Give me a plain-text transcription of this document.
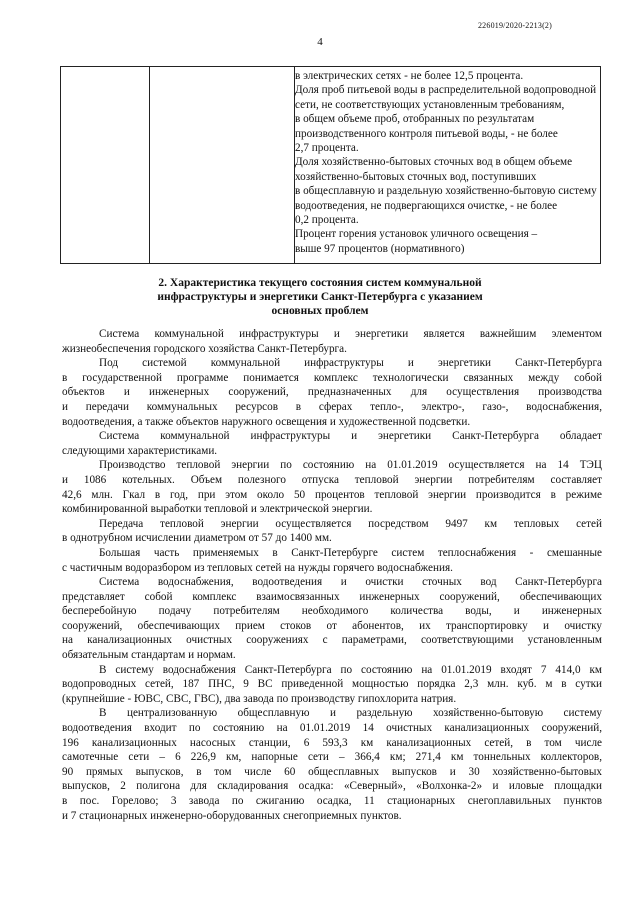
226019/2020-2213(2)
4
в электрических сетях - не более 12,5 процента.
Доля проб питьевой воды в распределительной водопроводной
сети, не соответствующих установленным требованиям,
в общем объеме проб, отобранных по результатам
производственного контроля питьевой воды, - не более
2,7 процента.
Доля хозяйственно-бытовых сточных вод в общем объеме
хозяйственно-бытовых сточных вод, поступивших
в общесплавную и раздельную хозяйственно-бытовую систему
водоотведения, не подвергающихся очистке, - не более
0,2 процента.
Процент горения установок уличного освещения –
выше 97 процентов (нормативного)
2. Характеристика текущего состояния систем коммунальной
инфраструктуры и энергетики Санкт-Петербурга с указанием
основных проблем
Система коммунальной инфраструктуры и энергетики является важнейшим элементом
жизнеобеспечения городского хозяйства Санкт-Петербурга.
Под системой коммунальной инфраструктуры и энергетики Санкт-Петербурга
в государственной программе понимается комплекс технологически связанных между собой
объектов и инженерных сооружений, предназначенных для осуществления производства
и передачи коммунальных ресурсов в сферах тепло-, электро-, газо-, водоснабжения,
водоотведения, а также объектов наружного освещения и художественной подсветки.
Система коммунальной инфраструктуры и энергетики Санкт-Петербурга обладает
следующими характеристиками.
Производство тепловой энергии по состоянию на 01.01.2019 осуществляется на 14 ТЭЦ
и 1086 котельных. Объем полезного отпуска тепловой энергии потребителям составляет
42,6 млн. Гкал в год, при этом около 50 процентов тепловой энергии производится в режиме
комбинированной выработки тепловой и электрической энергии.
Передача тепловой энергии осуществляется посредством 9497 км тепловых сетей
в однотрубном исчислении диаметром от 57 до 1400 мм.
Большая часть применяемых в Санкт-Петербурге систем теплоснабжения - смешанные
с частичным водоразбором из тепловых сетей на нужды горячего водоснабжения.
Система водоснабжения, водоотведения и очистки сточных вод Санкт-Петербурга
представляет собой комплекс взаимосвязанных инженерных сооружений, обеспечивающих
бесперебойную подачу потребителям необходимого количества воды, и инженерных
сооружений, обеспечивающих прием стоков от абонентов, их транспортировку и очистку
на канализационных очистных сооружениях с параметрами, соответствующими установленным
обязательным стандартам и нормам.
В систему водоснабжения Санкт-Петербурга по состоянию на 01.01.2019 входят 7 414,0 км
водопроводных сетей, 187 ПНС, 9 ВС приведенной мощностью порядка 2,3 млн. куб. м в сутки
(крупнейшие - ЮВС, СВС, ГВС), два завода по производству гипохлорита натрия.
В централизованную общесплавную и раздельную хозяйственно-бытовую систему
водоотведения входит по состоянию на 01.01.2019 14 очистных канализационных сооружений,
196 канализационных насосных станции, 6 593,3 км канализационных сетей, в том числе
самотечные сети – 6 226,9 км, напорные сети – 366,4 км; 271,4 км тоннельных коллекторов,
90 прямых выпусков, в том числе 60 общесплавных выпусков и 30 хозяйственно-бытовых
выпусков, 2 полигона для складирования осадка: «Северный», «Волхонка-2» и иловые площадки
в пос. Горелово; 3 завода по сжиганию осадка, 11 стационарных снегоплавильных пунктов
и 7 стационарных инженерно-оборудованных снегоприемных пунктов.
